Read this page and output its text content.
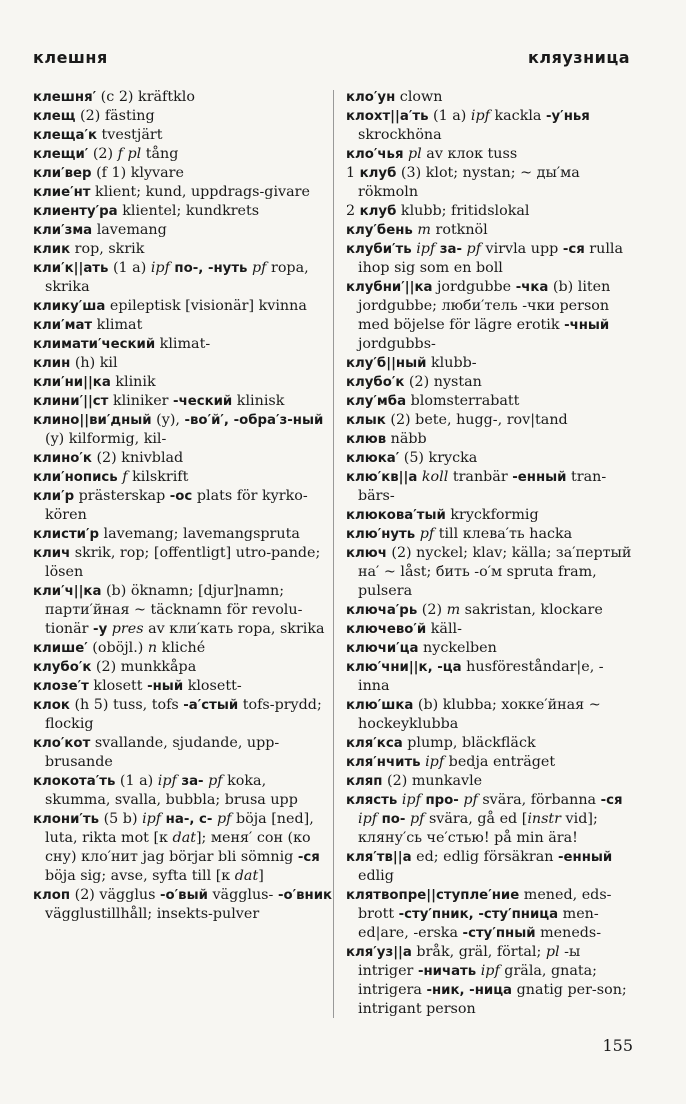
клешня	кляузница

клешня′ (с 2) kräftklo

клещ (2) fästing

клеща′к tvestjärt

клещи′ (2) f pl tång

кли′вер (f 1) klyvare

клие′нт klient; kund, uppdrags-givare

клиенту′ра klientel; kundkrets

кли′зма lavemang

клик rop, skrik

кли′к||ать (1 a) ipf по-, -нуть pf ropa, skrika

клику′ша epileptisk [visionär] kvinna

кли′мат klimat

климати′ческий klimat-

клин (h) kil

кли′ни||ка klinik

клини′||ст kliniker -ческий klinisk

клино||ви′дный (y), -во′й′, -обра′з-ный (y) kilformig, kil-

клино′к (2) knivblad

кли′нопись f kilskrift

кли′р prästerskap -ос plats för kyrko-kören

клисти′р lavemang; lavemangspruta

клич skrik, rop; [offentligt] utro-pande; lösen

кли′ч||ка (b) öknamn; [djur]namn; парти′йная ~ täcknamn för revolu-tionär -у pres av кли′кать ropa, skrika

клише′ (oböjl.) n kliché

клубо′к (2) munkkåpa

клозе′т klosett -ный klosett-

клок (h 5) tuss, tofs -а′стый tofs-prydd; flockig

кло′кот svallande, sjudande, upp-brusande

клокота′ть (1 a) ipf за- pf koka, skumma, svalla, bubbla; brusa upp

клони′ть (5 b) ipf на-, с- pf böja [ned], luta, rikta mot [к dat]; меня′ сон (ко сну) кло′нит jag börjar bli sömnig -ся böja sig; avse, syfta till [к dat]

клоп (2) vägglus -о′вый vägglus- -о′вник vägglustillhåll; insekts-pulver

кло′ун clown

клохт||а′ть (1 a) ipf kackla -у′нья skrockhöna

кло′чья pl av клок tuss

1 клуб (3) klot; nystan; ~ ды′ма rökmoln

2 клуб klubb; fritidslokal

клу′бень m rotknöl

клуби′ть ipf за- pf virvla upp -ся rulla ihop sig som en boll

клубни′||ка jordgubbe -чка (b) liten jordgubbe; люби′тель -чки person med böjelse för lägre erotik -чный jordgubbs-

клу′б||ный klubb-

клубо′к (2) nystan

клу′мба blomsterrabatt

клык (2) bete, hugg-, rov|tand

клюв näbb

клюка′ (5) krycka

клю′кв||а koll tranbär -енный tran-bärs-

клюкова′тый kryckformig

клю′нуть pf till клева′ть hacka

ключ (2) nyckel; klav; källa; за′пертый на′ ~ låst; бить -о′м spruta fram, pulsera

ключа′рь (2) m sakristan, klockare

ключево′й käll-

ключи′ца nyckelben

клю′чни||к, -ца husföreståndar|e, -inna

клю′шка (b) klubba; хокке′йная ~ hockeyklubba

кля′кса plump, bläckfläck

кля′нчить ipf bedja enträget

кляп (2) munkavle

клясть ipf про- pf svära, förbanna -ся ipf по- pf svära, gå ed [instr vid]; кляну′сь че′стью! på min ära!

кля′тв||а ed; edlig försäkran -енный edlig

клятвопре||ступле′ние mened, eds-brott -сту′пник, -сту′пница men-ed|are, -erska -сту′пный meneds-

кля′уз||а bråk, gräl, förtal; pl -ы intriger -ничать ipf gräla, gnata; intrigera -ник, -ница gnatig per-son; intrigant person

155
